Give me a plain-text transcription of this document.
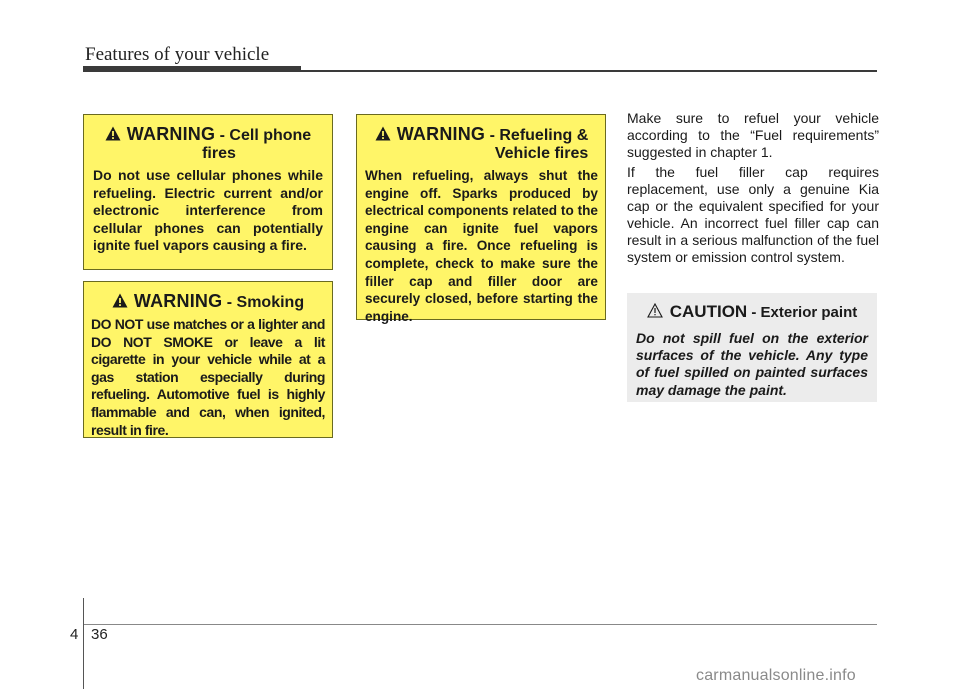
Features of your vehicle
WARNING - Cell phone
fires
Do not use cellular phones while refueling. Electric current and/or electronic interference from cellular phones can potentially ignite fuel vapors causing a fire.
WARNING - Smoking
DO NOT use matches or a lighter and DO NOT SMOKE or leave a lit cigarette in your vehicle while at a gas station especially during refueling. Automotive fuel is highly flammable and can, when ignited, result in fire.
WARNING - Refueling &
Vehicle fires
When refueling, always shut the engine off. Sparks produced by electrical components related to the engine can ignite fuel vapors causing a fire. Once refueling is complete, check to make sure the filler cap and filler door are securely closed, before starting the engine.
Make sure to refuel your vehicle according to the “Fuel requirements” suggested in chapter 1.
If the fuel filler cap requires replacement, use only a genuine Kia cap or the equivalent specified for your vehicle. An incorrect fuel filler cap can result in a serious malfunction of the fuel system or emission control system.
CAUTION - Exterior paint
Do not spill fuel on the exterior surfaces of the vehicle. Any type of fuel spilled on painted surfaces may damage the paint.
4 36
carmanualsonline.info
